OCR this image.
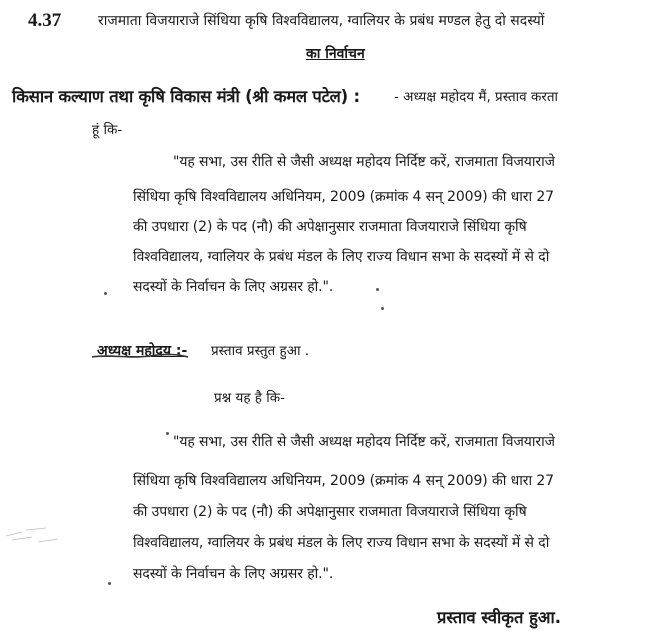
4.37	राजमाता विजयाराजे सिंधिया कृषि विश्वविद्यालय, ग्वालियर के प्रबंध मण्डल हेतु दो सदस्यों
का निर्वाचन
किसान कल्याण तथा कृषि विकास मंत्री (श्री कमल पटेल) :	- अध्यक्ष महोदय मैं, प्रस्ताव करता
हूं कि-
"यह सभा, उस रीति से जैसी अध्यक्ष महोदय निर्दिष्ट करें, राजमाता विजयाराजे
सिंधिया कृषि विश्वविद्यालय अधिनियम, 2009 (क्रमांक 4 सन् 2009) की धारा 27
की उपधारा (2) के पद (नौ) की अपेक्षानुसार राजमाता विजयाराजे सिंधिया कृषि
विश्वविद्यालय, ग्वालियर के प्रबंध मंडल के लिए राज्य विधान सभा के सदस्यों में से दो
सदस्यों के निर्वाचन के लिए अग्रसर हो.".
अध्यक्ष महोदय :- प्रस्ताव प्रस्तुत हुआ .
प्रश्न यह है कि-
"यह सभा, उस रीति से जैसी अध्यक्ष महोदय निर्दिष्ट करें, राजमाता विजयाराजे
सिंधिया कृषि विश्वविद्यालय अधिनियम, 2009 (क्रमांक 4 सन् 2009) की धारा 27
की उपधारा (2) के पद (नौ) की अपेक्षानुसार राजमाता विजयाराजे सिंधिया कृषि
विश्वविद्यालय, ग्वालियर के प्रबंध मंडल के लिए राज्य विधान सभा के सदस्यों में से दो
सदस्यों के निर्वाचन के लिए अग्रसर हो.".
प्रस्ताव स्वीकृत हुआ.
